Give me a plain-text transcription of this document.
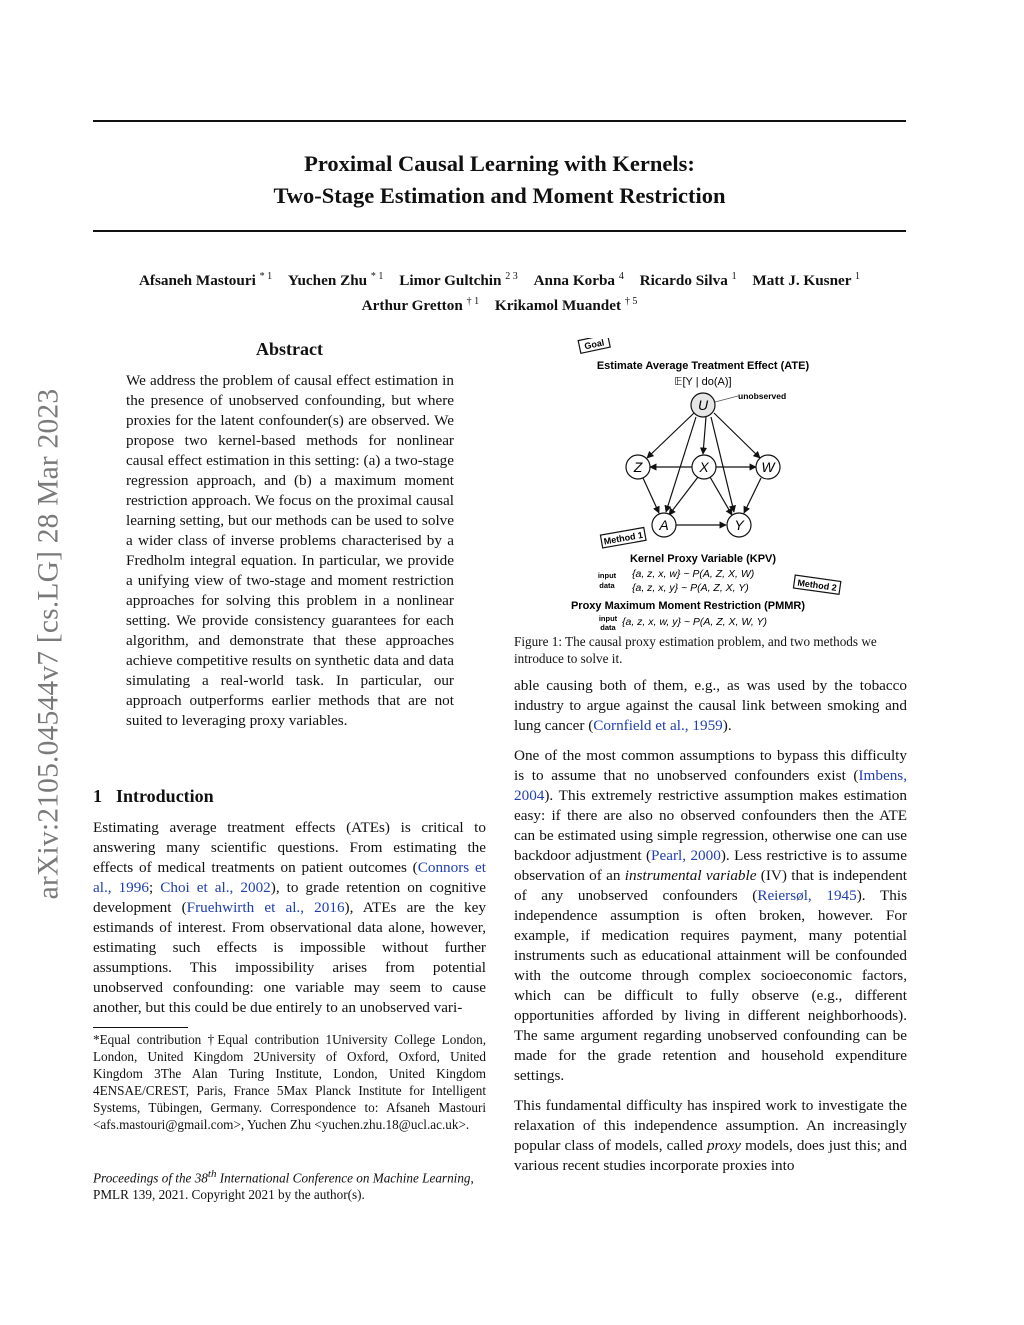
arXiv:2105.04544v7 [cs.LG] 28 Mar 2023
Proximal Causal Learning with Kernels:
Two-Stage Estimation and Moment Restriction
Afsaneh Mastouri $^{* 1}$ Yuchen Zhu $^{* 1}$ Limor Gultchin $^{2 3}$ Anna Korba $^4$ Ricardo Silva $^1$ Matt J. Kusner $^1$
Arthur Gretton $^{\dagger 1}$ Krikamol Muandet $^{\dagger 5}$
Abstract
We address the problem of causal effect estimation in the presence of unobserved confounding, but where proxies for the latent confounder(s) are observed. We propose two kernel-based methods for nonlinear causal effect estimation in this setting: (a) a two-stage regression approach, and (b) a maximum moment restriction approach. We focus on the proximal causal learning setting, but our methods can be used to solve a wider class of inverse problems characterised by a Fredholm integral equation. In particular, we provide a unifying view of two-stage and moment restriction approaches for solving this problem in a nonlinear setting. We provide consistency guarantees for each algorithm, and demonstrate that these approaches achieve competitive results on synthetic data and data simulating a real-world task. In particular, our approach outperforms earlier methods that are not suited to leveraging proxy variables.
1 Introduction
Estimating average treatment effects (ATEs) is critical to answering many scientific questions. From estimating the effects of medical treatments on patient outcomes (Connors et al., 1996; Choi et al., 2002), to grade retention on cognitive development (Fruehwirth et al., 2016), ATEs are the key estimands of interest. From observational data alone, however, estimating such effects is impossible without further assumptions. This impossibility arises from potential unobserved confounding: one variable may seem to cause another, but this could be due entirely to an unobserved vari-
*Equal contribution †Equal contribution 1University College London, London, United Kingdom 2University of Oxford, Oxford, United Kingdom 3The Alan Turing Institute, London, United Kingdom 4ENSAE/CREST, Paris, France 5Max Planck Institute for Intelligent Systems, Tübingen, Germany. Correspondence to: Afsaneh Mastouri <afs.mastouri@gmail.com>, Yuchen Zhu <yuchen.zhu.18@ucl.ac.uk>.
Proceedings of the 38th International Conference on Machine Learning, PMLR 139, 2021. Copyright 2021 by the author(s).
Goal
Estimate Average Treatment Effect (ATE)
𝔼[Y | do(A)]
unobserved
U
Z	X	W
A	Y
Method 1
Kernel Proxy Variable (KPV)
input
data
{a, z, x, w} ~ P(A, Z, X, W)
{a, z, x, y} ~ P(A, Z, X, Y)	Method 2
Proxy Maximum Moment Restriction (PMMR)
input
data {a, z, x, w, y} ~ P(A, Z, X, W, Y)
Figure 1: The causal proxy estimation problem, and two methods we introduce to solve it.
able causing both of them, e.g., as was used by the tobacco industry to argue against the causal link between smoking and lung cancer (Cornfield et al., 1959).
One of the most common assumptions to bypass this difficulty is to assume that no unobserved confounders exist (Imbens, 2004). This extremely restrictive assumption makes estimation easy: if there are also no observed confounders then the ATE can be estimated using simple regression, otherwise one can use backdoor adjustment (Pearl, 2000). Less restrictive is to assume observation of an instrumental variable (IV) that is independent of any unobserved confounders (Reiersøl, 1945). This independence assumption is often broken, however. For example, if medication requires payment, many potential instruments such as educational attainment will be confounded with the outcome through complex socioeconomic factors, which can be difficult to fully observe (e.g., different opportunities afforded by living in different neighborhoods). The same argument regarding unobserved confounding can be made for the grade retention and household expenditure settings.
This fundamental difficulty has inspired work to investigate the relaxation of this independence assumption. An increasingly popular class of models, called proxy models, does just this; and various recent studies incorporate proxies into
